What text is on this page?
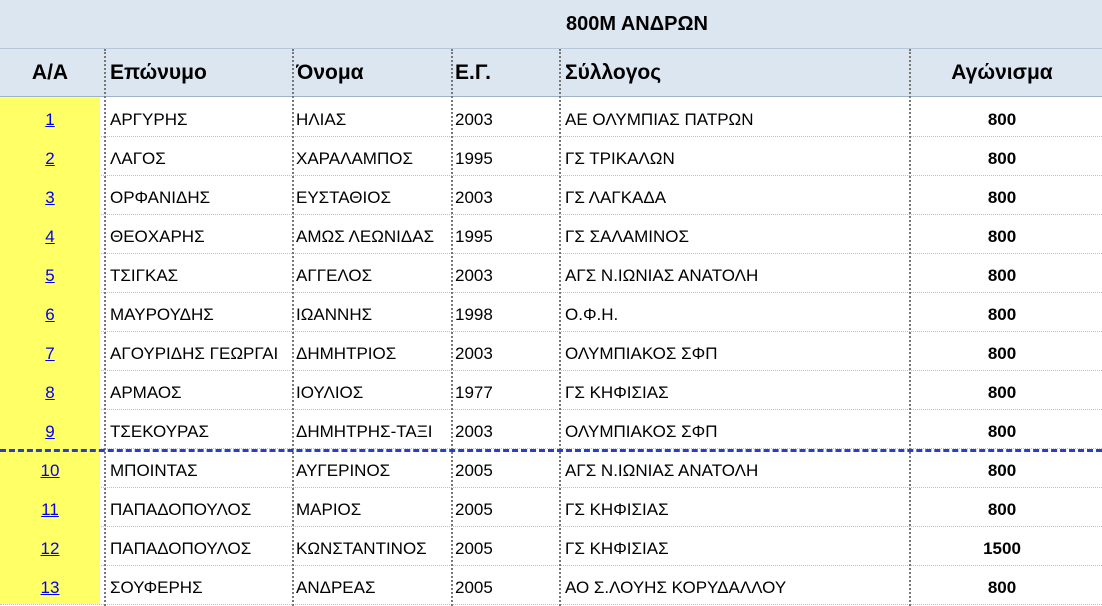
800Μ ΑΝΔΡΩΝ
Α/Α	Επώνυμο	Όνομα	Ε.Γ.	Σύλλογος	Αγώνισμα
1	ΑΡΓΥΡΗΣ	ΗΛΙΑΣ	2003	ΑΕ ΟΛΥΜΠΙΑΣ ΠΑΤΡΩΝ	800
2	ΛΑΓΟΣ	ΧΑΡΑΛΑΜΠΟΣ	1995	ΓΣ ΤΡΙΚΑΛΩΝ	800
3	ΟΡΦΑΝΙΔΗΣ	ΕΥΣΤΑΘΙΟΣ	2003	ΓΣ ΛΑΓΚΑΔΑ	800
4	ΘΕΟΧΑΡΗΣ	ΑΜΩΣ ΛΕΩΝΙΔΑΣ	1995	ΓΣ ΣΑΛΑΜΙΝΟΣ	800
5	ΤΣΙΓΚΑΣ	ΑΓΓΕΛΟΣ	2003	ΑΓΣ Ν.ΙΩΝΙΑΣ ΑΝΑΤΟΛΗ	800
6	ΜΑΥΡΟΥΔΗΣ	ΙΩΑΝΝΗΣ	1998	Ο.Φ.Η.	800
7	ΑΓΟΥΡΙΔΗΣ ΓΕΩΡΓΑΙ	ΔΗΜΗΤΡΙΟΣ	2003	ΟΛΥΜΠΙΑΚΟΣ ΣΦΠ	800
8	ΑΡΜΑΟΣ	ΙΟΥΛΙΟΣ	1977	ΓΣ ΚΗΦΙΣΙΑΣ	800
9	ΤΣΕΚΟΥΡΑΣ	ΔΗΜΗΤΡΗΣ-ΤΑΞΙ	2003	ΟΛΥΜΠΙΑΚΟΣ ΣΦΠ	800
10	ΜΠΟΙΝΤΑΣ	ΑΥΓΕΡΙΝΟΣ	2005	ΑΓΣ Ν.ΙΩΝΙΑΣ ΑΝΑΤΟΛΗ	800
11	ΠΑΠΑΔΟΠΟΥΛΟΣ	ΜΑΡΙΟΣ	2005	ΓΣ ΚΗΦΙΣΙΑΣ	800
12	ΠΑΠΑΔΟΠΟΥΛΟΣ	ΚΩΝΣΤΑΝΤΙΝΟΣ	2005	ΓΣ ΚΗΦΙΣΙΑΣ	1500
13	ΣΟΥΦΕΡΗΣ	ΑΝΔΡΕΑΣ	2005	ΑΟ Σ.ΛΟΥΗΣ ΚΟΡΥΔΑΛΛΟΥ	800
